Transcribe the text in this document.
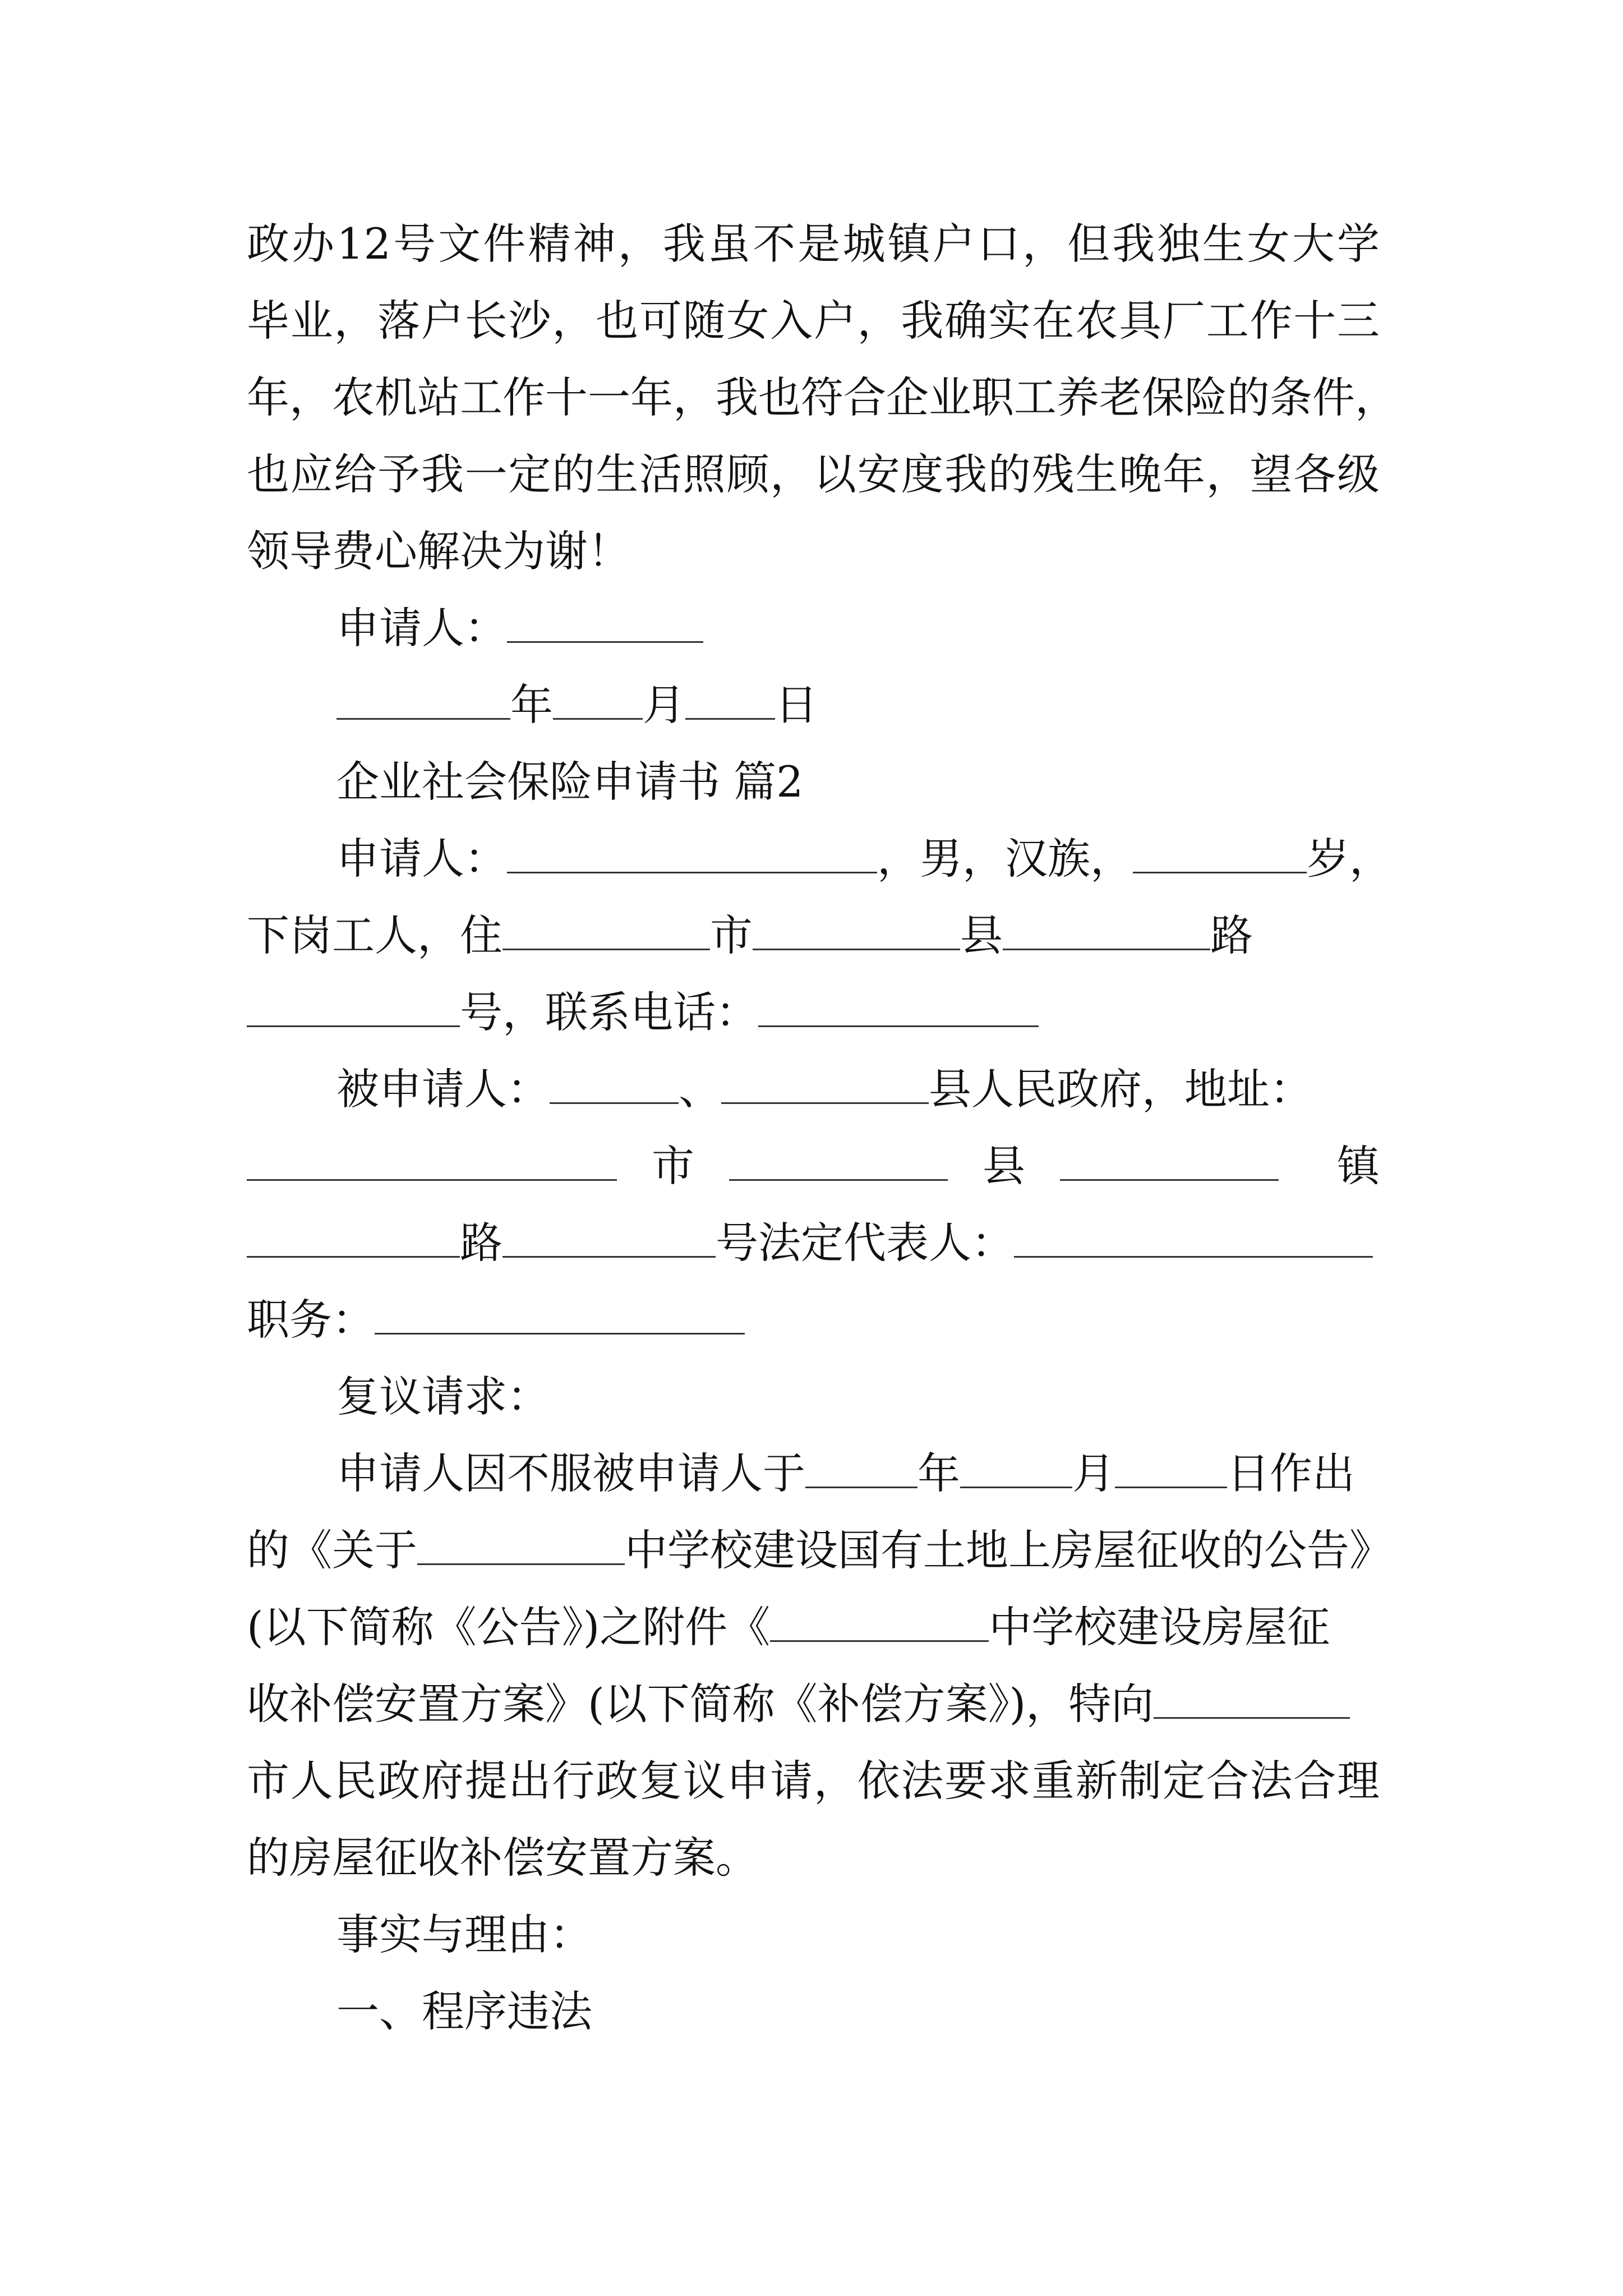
政办12号文件精神，我虽不是城镇户口，但我独生女大学
毕业，落户长沙，也可随女入户，我确实在农具厂工作十三
年，农机站工作十一年，我也符合企业职工养老保险的条件，
也应给予我一定的生活照顾，以安度我的残生晚年，望各级
领导费心解决为谢！
申请人：
年 月 日
企业社会保险申请书 篇2
申请人：	，男，汉族，	岁，
下岗工人，住	市	县	路
号，联系电话：
被申请人：	、	县人民政府，地址：
市	县	镇
路	号法定代表人：
职务：
复议请求：
申请人因不服被申请人于	年	月	日作出
的《关于	中学校建设国有土地上房屋征收的公告》
(以下简称《公告》)之附件《	中学校建设房屋征
收补偿安置方案》(以下简称《补偿方案》)，特向
市人民政府提出行政复议申请，依法要求重新制定合法合理
的房屋征收补偿安置方案。
事实与理由：
一、程序违法
